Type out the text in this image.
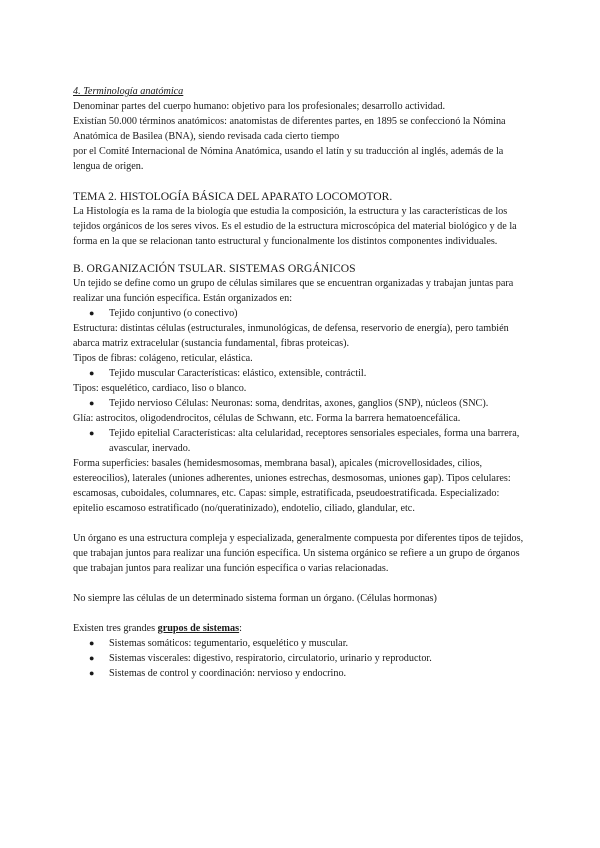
4. Terminología anatómica

Denominar partes del cuerpo humano: objetivo para los profesionales; desarrollo actividad.

Existían 50.000 términos anatómicos: anatomistas de diferentes partes, en 1895 se confeccionó la Nómina Anatómica de Basilea (BNA), siendo revisada cada cierto tiempo

por el Comité Internacional de Nómina Anatómica, usando el latín y su traducción al inglés, además de la lengua de origen.

TEMA 2. HISTOLOGÍA BÁSICA DEL APARATO LOCOMOTOR.

La Histología es la rama de la biología que estudia la composición, la estructura y las características de los tejidos orgánicos de los seres vivos. Es el estudio de la estructura microscópica del material biológico y de la forma en la que se relacionan tanto estructural y funcionalmente los distintos componentes individuales.

B. ORGANIZACIÓN TSULAR. SISTEMAS ORGÁNICOS

Un tejido se define como un grupo de células similares que se encuentran organizadas y trabajan juntas para realizar una función específica. Están organizados en:

● Tejido conjuntivo (o conectivo)

Estructura: distintas células (estructurales, inmunológicas, de defensa, reservorio de energía), pero también abarca matriz extracelular (sustancia fundamental, fibras proteicas).

Tipos de fibras: colágeno, reticular, elástica.

● Tejido muscular Características: elástico, extensible, contráctil.

Tipos: esquelético, cardiaco, liso o blanco.

● Tejido nervioso Células: Neuronas: soma, dendritas, axones, ganglios (SNP), núcleos (SNC).

Glía: astrocitos, oligodendrocitos, células de Schwann, etc. Forma la barrera hematoencefálica.

● Tejido epitelial Características: alta celularidad, receptores sensoriales especiales, forma una barrera, avascular, inervado.

Forma superficies: basales (hemidesmosomas, membrana basal), apicales (microvellosidades, cilios, estereocilios), laterales (uniones adherentes, uniones estrechas, desmosomas, uniones gap). Tipos celulares: escamosas, cuboidales, columnares, etc. Capas: simple, estratificada, pseudoestratificada. Especializado: epitelio escamoso estratificado (no/queratinizado), endotelio, ciliado, glandular, etc.

Un órgano es una estructura compleja y especializada, generalmente compuesta por diferentes tipos de tejidos, que trabajan juntos para realizar una función específica. Un sistema orgánico se refiere a un grupo de órganos que trabajan juntos para realizar una función específica o varias relacionadas.

No siempre las células de un determinado sistema forman un órgano. (Células hormonas)

Existen tres grandes grupos de sistemas:

● Sistemas somáticos: tegumentario, esquelético y muscular.
● Sistemas viscerales: digestivo, respiratorio, circulatorio, urinario y reproductor.
● Sistemas de control y coordinación: nervioso y endocrino.
